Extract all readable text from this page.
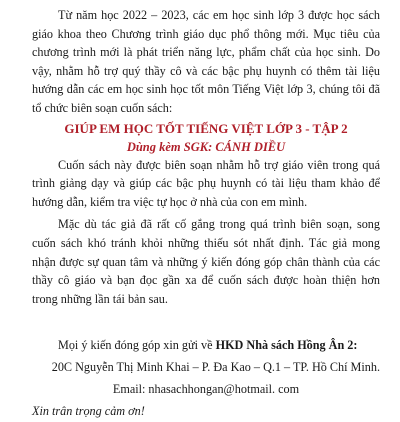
Từ năm học 2022 – 2023, các em học sinh lớp 3 được học sách giáo khoa theo Chương trình giáo dục phổ thông mới. Mục tiêu của chương trình mới là phát triển năng lực, phẩm chất của học sinh. Do vậy, nhằm hỗ trợ quý thầy cô và các bậc phụ huynh có thêm tài liệu hướng dẫn các em học sinh học tốt môn Tiếng Việt lớp 3, chúng tôi đã tổ chức biên soạn cuốn sách:

GIÚP EM HỌC TỐT TIẾNG VIỆT LỚP 3 - TẬP 2

Dùng kèm SGK: CÁNH DIỀU

Cuốn sách này được biên soạn nhằm hỗ trợ giáo viên trong quá trình giảng dạy và giúp các bậc phụ huynh có tài liệu tham khảo để hướng dẫn, kiểm tra việc tự học ở nhà của con em mình.

Mặc dù tác giả đã rất cố gắng trong quá trình biên soạn, song cuốn sách khó tránh khỏi những thiếu sót nhất định. Tác giả mong nhận được sự quan tâm và những ý kiến đóng góp chân thành của các thầy cô giáo và bạn đọc gần xa để cuốn sách được hoàn thiện hơn trong những lần tái bản sau.

Mọi ý kiến đóng góp xin gửi về HKD Nhà sách Hồng Ân 2:

20C Nguyễn Thị Minh Khai – P. Đa Kao – Q.1 – TP. Hồ Chí Minh.

Email: nhasachhongan@hotmail. com

Xin trân trọng cảm ơn!
